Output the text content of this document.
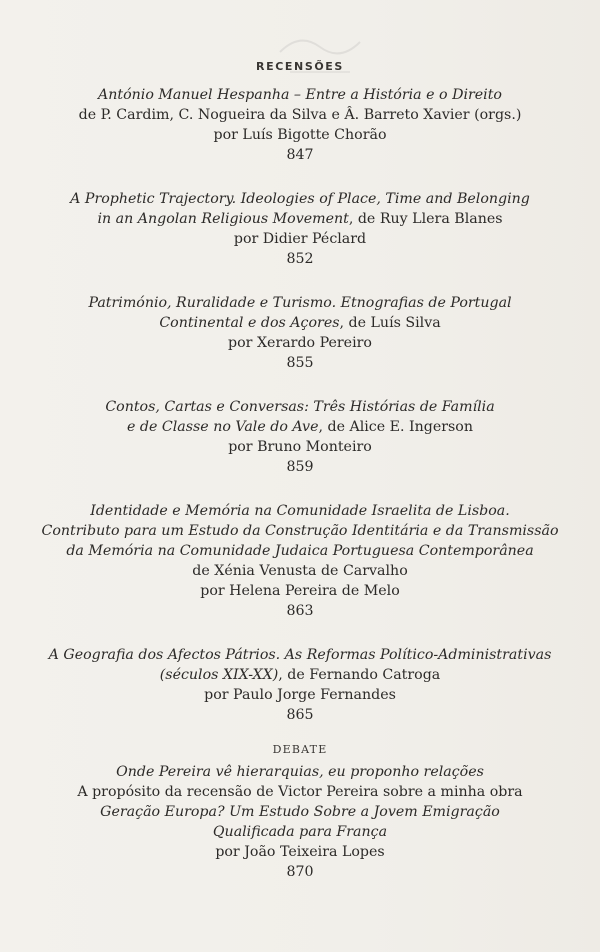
RECENSÕES

António Manuel Hespanha – Entre a História e o Direito

de P. Cardim, C. Nogueira da Silva e Â. Barreto Xavier (orgs.)

por Luís Bigotte Chorão

847

A Prophetic Trajectory. Ideologies of Place, Time and Belonging

in an Angolan Religious Movement, de Ruy Llera Blanes

por Didier Péclard

852

Património, Ruralidade e Turismo. Etnografias de Portugal

Continental e dos Açores, de Luís Silva

por Xerardo Pereiro

855

Contos, Cartas e Conversas: Três Histórias de Família

e de Classe no Vale do Ave, de Alice E. Ingerson

por Bruno Monteiro

859

Identidade e Memória na Comunidade Israelita de Lisboa.

Contributo para um Estudo da Construção Identitária e da Transmissão

da Memória na Comunidade Judaica Portuguesa Contemporânea

de Xénia Venusta de Carvalho

por Helena Pereira de Melo

863

A Geografia dos Afectos Pátrios. As Reformas Político-Administrativas

(séculos XIX-XX), de Fernando Catroga

por Paulo Jorge Fernandes

865

DEBATE

Onde Pereira vê hierarquias, eu proponho relações

A propósito da recensão de Victor Pereira sobre a minha obra

Geração Europa? Um Estudo Sobre a Jovem Emigração

Qualificada para França

por João Teixeira Lopes

870
